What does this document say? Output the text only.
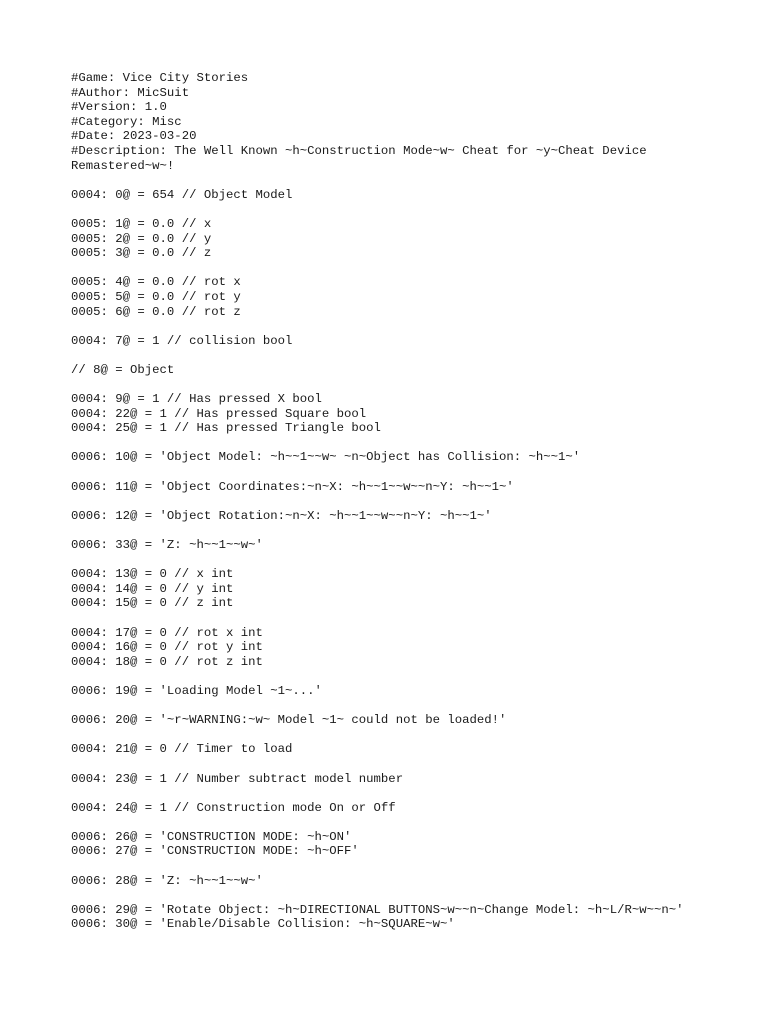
#Game: Vice City Stories
#Author: MicSuit
#Version: 1.0
#Category: Misc
#Date: 2023-03-20
#Description: The Well Known ~h~Construction Mode~w~ Cheat for ~y~Cheat Device
Remastered~w~!
0004: 0@ = 654 // Object Model
0005: 1@ = 0.0 // x
0005: 2@ = 0.0 // y
0005: 3@ = 0.0 // z
0005: 4@ = 0.0 // rot x
0005: 5@ = 0.0 // rot y
0005: 6@ = 0.0 // rot z
0004: 7@ = 1 // collision bool
// 8@ = Object
0004: 9@ = 1 // Has pressed X bool
0004: 22@ = 1 // Has pressed Square bool
0004: 25@ = 1 // Has pressed Triangle bool
0006: 10@ = 'Object Model: ~h~~1~~w~ ~n~Object has Collision: ~h~~1~'
0006: 11@ = 'Object Coordinates:~n~X: ~h~~1~~w~~n~Y: ~h~~1~'
0006: 12@ = 'Object Rotation:~n~X: ~h~~1~~w~~n~Y: ~h~~1~'
0006: 33@ = 'Z: ~h~~1~~w~'
0004: 13@ = 0 // x int
0004: 14@ = 0 // y int
0004: 15@ = 0 // z int
0004: 17@ = 0 // rot x int
0004: 16@ = 0 // rot y int
0004: 18@ = 0 // rot z int
0006: 19@ = 'Loading Model ~1~...'
0006: 20@ = '~r~WARNING:~w~ Model ~1~ could not be loaded!'
0004: 21@ = 0 // Timer to load
0004: 23@ = 1 // Number subtract model number
0004: 24@ = 1 // Construction mode On or Off
0006: 26@ = 'CONSTRUCTION MODE: ~h~ON'
0006: 27@ = 'CONSTRUCTION MODE: ~h~OFF'
0006: 28@ = 'Z: ~h~~1~~w~'
0006: 29@ = 'Rotate Object: ~h~DIRECTIONAL BUTTONS~w~~n~Change Model: ~h~L/R~w~~n~'
0006: 30@ = 'Enable/Disable Collision: ~h~SQUARE~w~'
